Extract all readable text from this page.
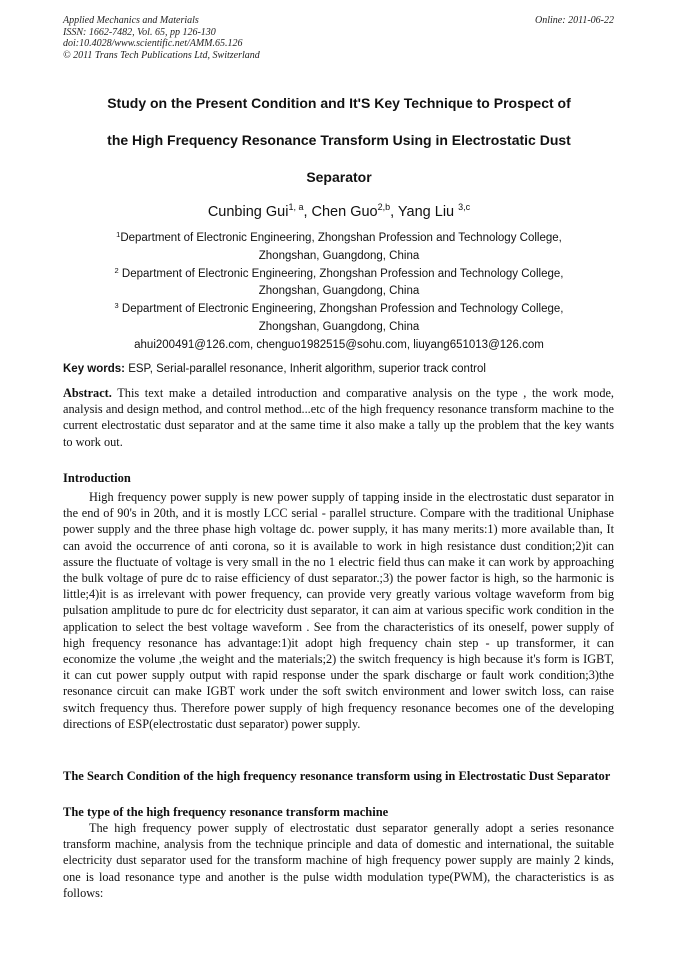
Applied Mechanics and Materials
ISSN: 1662-7482, Vol. 65, pp 126-130
doi:10.4028/www.scientific.net/AMM.65.126
© 2011 Trans Tech Publications Ltd, Switzerland
Online: 2011-06-22
Study on the Present Condition and It'S Key Technique to Prospect of
the High Frequency Resonance Transform Using in Electrostatic Dust
Separator
Cunbing Gui$^{1, a}$, Chen Guo$^{2,b}$, Yang Liu $^{3,c}$
$^1$Department of Electronic Engineering, Zhongshan Profession and Technology College,
Zhongshan, Guangdong, China
$^2$ Department of Electronic Engineering, Zhongshan Profession and Technology College,
Zhongshan, Guangdong, China
$^3$ Department of Electronic Engineering, Zhongshan Profession and Technology College,
Zhongshan, Guangdong, China
ahui200491@126.com, chenguo1982515@sohu.com, liuyang651013@126.com
Key words: ESP, Serial-parallel resonance, Inherit algorithm, superior track control
Abstract. This text make a detailed introduction and comparative analysis on the type , the work mode, analysis and design method, and control method...etc of the high frequency resonance transform machine to the current electrostatic dust separator and at the same time it also make a tally up the problem that the key wants to work out.
Introduction
High frequency power supply is new power supply of tapping inside in the electrostatic dust separator in the end of 90's in 20th, and it is mostly LCC serial - parallel structure. Compare with the traditional Uniphase power supply and the three phase high voltage dc. power supply, it has many merits:1) more available than, It can avoid the occurrence of anti corona, so it is available to work in high resistance dust condition;2)it can assure the fluctuate of voltage is very small in the no 1 electric field thus can make it can work by approaching the bulk voltage of pure dc to raise efficiency of dust separator.;3) the power factor is high, so the harmonic is little;4)it is as irrelevant with power frequency, can provide very greatly various voltage waveform from big pulsation amplitude to pure dc for electricity dust separator, it can aim at various specific work condition in the application to select the best voltage waveform . See from the characteristics of its oneself, power supply of high frequency resonance has advantage:1)it adopt high frequency chain step - up transformer, it can economize the volume ,the weight and the materials;2) the switch frequency is high because it's form is IGBT, it can cut power supply output with rapid response under the spark discharge or fault work condition;3)the resonance circuit can make IGBT work under the soft switch environment and lower switch loss, can raise switch frequency thus. Therefore power supply of high frequency resonance becomes one of the developing directions of ESP(electrostatic dust separator) power supply.
The Search Condition of the high frequency resonance transform using in Electrostatic Dust Separator
The type of the high frequency resonance transform machine
The high frequency power supply of electrostatic dust separator generally adopt a series resonance transform machine, analysis from the technique principle and data of domestic and international, the suitable electricity dust separator used for the transform machine of high frequency power supply are mainly 2 kinds, one is load resonance type and another is the pulse width modulation type(PWM), the characteristics is as follows:
